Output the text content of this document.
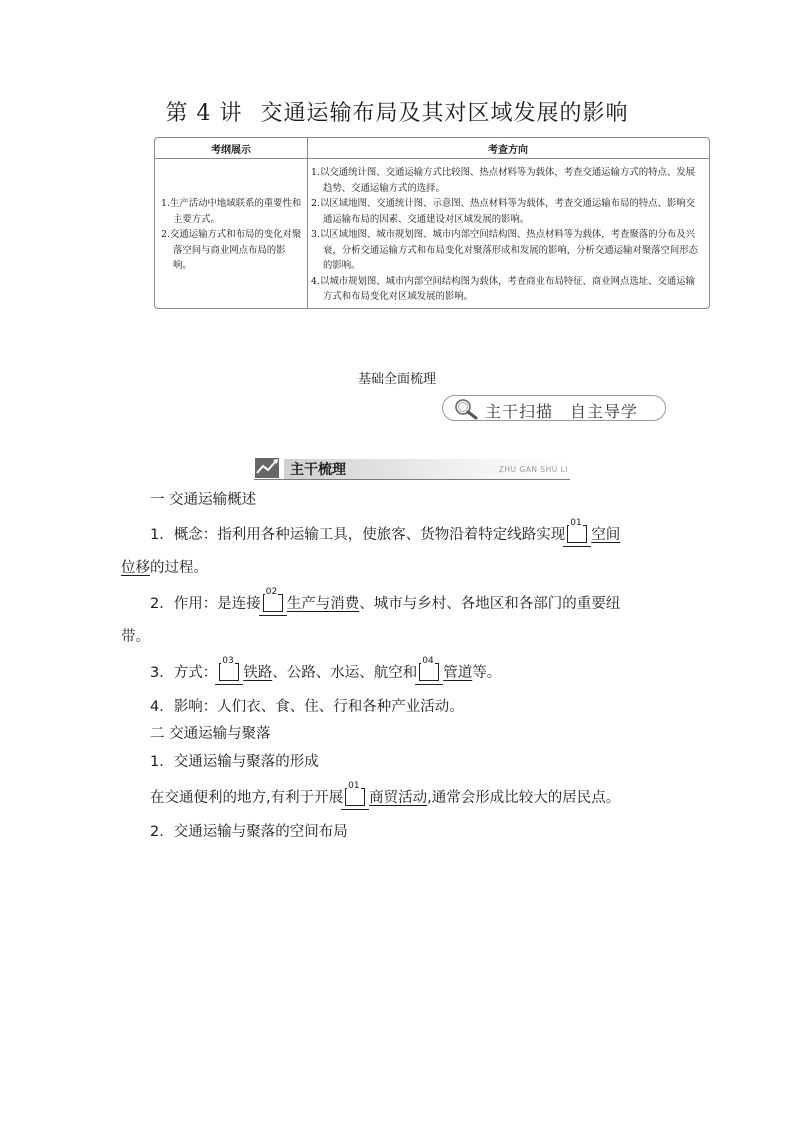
第 4 讲 交通运输布局及其对区域发展的影响
考纲展示	考查方向

1.生产活动中地域联系的重要性和主要方式。

2.交通运输方式和布局的变化对聚落空间与商业网点布局的影响。

1.以交通统计图、交通运输方式比较图、热点材料等为载体，考查交通运输方式的特点、发展趋势、交通运输方式的选择。

2.以区域地图、交通统计图、示意图、热点材料等为载体，考查交通运输布局的特点、影响交通运输布局的因素、交通建设对区域发展的影响。

3.以区域地图、城市规划图、城市内部空间结构图、热点材料等为载体，考查聚落的分布及兴衰，分析交通运输方式和布局变化对聚落形成和发展的影响，分析交通运输对聚落空间形态的影响。

4.以城市规划图、城市内部空间结构图为载体，考查商业布局特征、商业网点选址、交通运输方式和布局变化对区域发展的影响。

基础全面梳理
主干扫描　自主导学
主干梳理	ZHU GAN SHU LI
一 交通运输概述
1．概念：指利用各种运输工具，使旅客、货物沿着特定线路实现
01
空间
位移的过程。
2．作用：是连接
02
生产与消费、城市与乡村、各地区和各部门的重要纽
带。
3．方式：
03
铁路、公路、水运、航空和
04
管道等。
4．影响：人们衣、食、住、行和各种产业活动。
二 交通运输与聚落
1．交通运输与聚落的形成
在交通便利的地方,有利于开展
01
商贸活动,通常会形成比较大的居民点。
2．交通运输与聚落的空间布局
